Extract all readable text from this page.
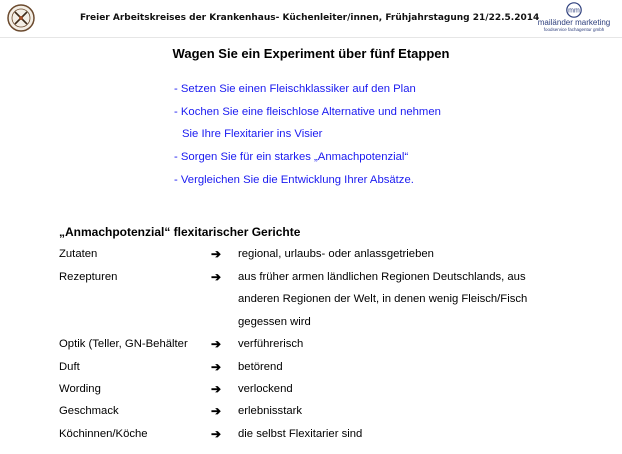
Freier Arbeitskreises der Krankenhaus- Küchenleiter/innen, Frühjahrstagung 21/22.5.2014
mm
mailänder marketing
foodservice fachagentur gmbh
Wagen Sie ein Experiment über fünf Etappen
- Setzen Sie einen Fleischklassiker auf den Plan
- Kochen Sie eine fleischlose Alternative und nehmen
Sie Ihre Flexitarier ins Visier
- Sorgen Sie für ein starkes „Anmachpotenzial“
- Vergleichen Sie die Entwicklung Ihrer Absätze.
„Anmachpotenzial“ flexitarischer Gerichte
Zutaten	➔ regional, urlaubs- oder anlassgetrieben
Rezepturen	➔ aus früher armen ländlichen Regionen Deutschlands, aus
anderen Regionen der Welt, in denen wenig Fleisch/Fisch
gegessen wird
Optik (Teller, GN-Behälter ➔ verführerisch
Duft	➔ betörend
Wording	➔ verlockend
Geschmack	➔ erlebnisstark
Köchinnen/Köche	➔ die selbst Flexitarier sind
